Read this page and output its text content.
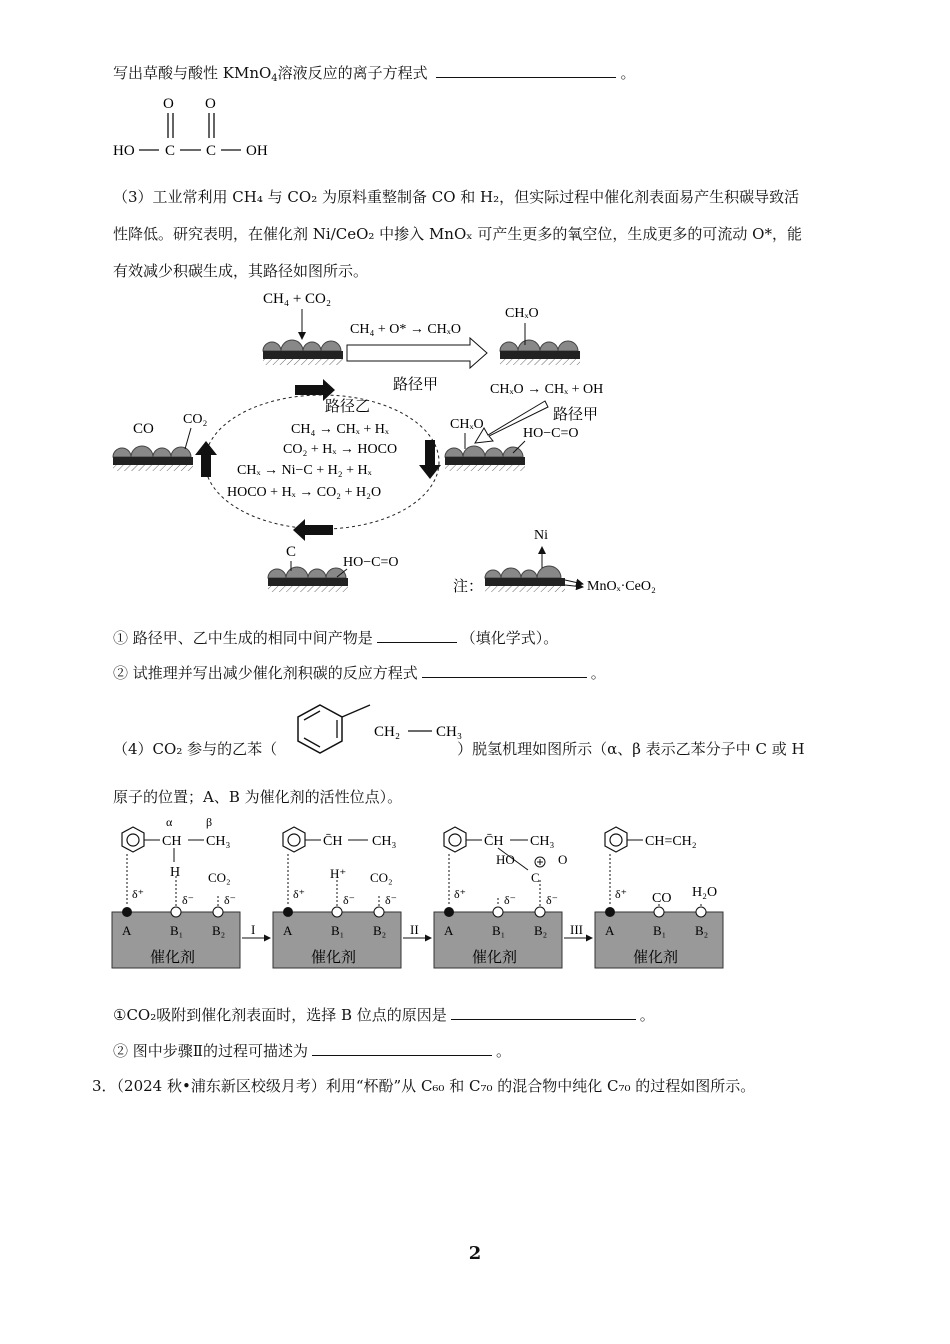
写出草酸与酸性 KMnO$_4$溶液反应的离子方程式	。
O O
HO C C OH
（3）工业常利用 CH₄ 与 CO₂ 为原料重整制备 CO 和 H₂，但实际过程中催化剂表面易产生积碳导致活
性降低。研究表明，在催化剂 Ni/CeO₂ 中掺入 MnOₓ 可产生更多的氧空位，生成更多的可流动 O*，能
有效减少积碳生成，其路径如图所示。
CH₄ + CO₂
CH₄ + O* → CHₓO
路径甲
CHₓO
CHₓO → CHₓ + OH
路径甲
路径乙
CH₄ → CHₓ + Hₓ
CO₂ + Hₓ → HOCO
CHₓ → Ni−C + H₂ + Hₓ
HOCO + Hₓ → CO₂ + H₂O
CO
CO₂	CHₓO
HO−C=O
C
HO−C=O
注：
Ni
MnOₓ·CeO₂
① 路径甲、乙中生成的相同中间产物是	（填化学式）。
② 试推理并写出减少催化剂积碳的反应方程式	。
（4）CO₂ 参与的乙苯（	）脱氢机理如图所示（α、β 表示乙苯分子中 C 或 H
CH₂ CH₃
原子的位置；A、B 为催化剂的活性位点）。
催化剂	催化剂	催化剂	催化剂
A	B₁ B₂	A	B₁ B₂	A	B₁ B₂	A	B₁ B₂
I	II	III
δ⁺	δ⁻	δ⁻	δ⁺	δ⁻	δ⁻	δ⁺	δ⁻	δ⁻	δ⁺
α	β
CH CH₃
H CO₂
C̄H CH₃
H⁺ CO₂
C̄H CH₃
HO	O
C
CH=CH₂
CO H₂O
①CO₂吸附到催化剂表面时，选择 B 位点的原因是	。
② 图中步骤Ⅱ的过程可描述为	。
3．（2024 秋•浦东新区校级月考）利用“杯酚”从 C₆₀ 和 C₇₀ 的混合物中纯化 C₇₀ 的过程如图所示。
2
